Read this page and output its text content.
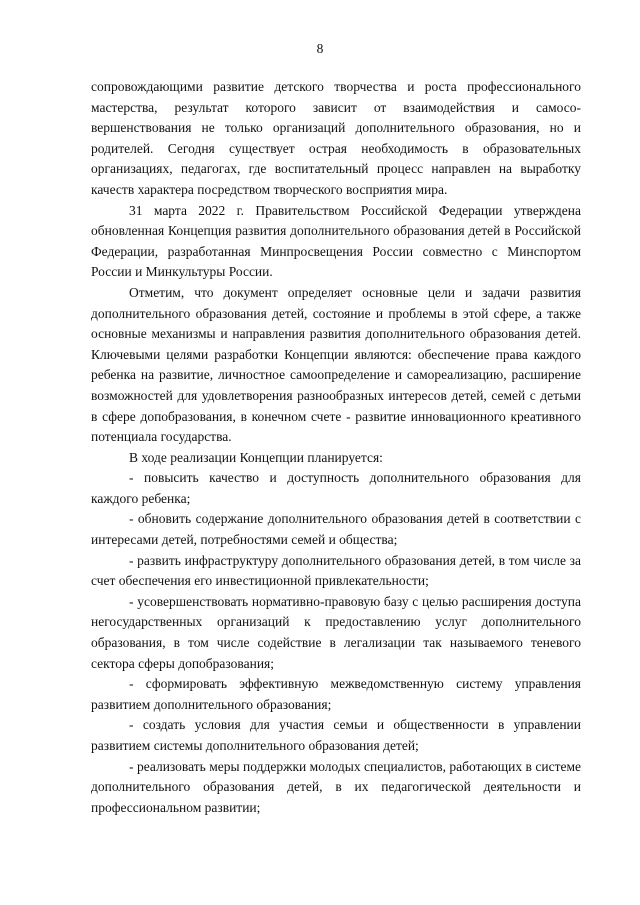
8

сопровождающими развитие детского творчества и роста профессионального мастерства, результат которого зависит от взаимодействия и самосовершенствования не только организаций дополнительного образования, но и родителей. Сегодня существует острая необходимость в образовательных организациях, педагогах, где воспитательный процесс направлен на выработку качеств характера посредством творческого восприятия мира.

31 марта 2022 г. Правительством Российской Федерации утверждена обновленная Концепция развития дополнительного образования детей в Российской Федерации, разработанная Минпросвещения России совместно с Минспортом России и Минкультуры России.

Отметим, что документ определяет основные цели и задачи развития дополнительного образования детей, состояние и проблемы в этой сфере, а также основные механизмы и направления развития дополнительного образования детей. Ключевыми целями разработки Концепции являются: обеспечение права каждого ребенка на развитие, личностное самоопределение и самореализацию, расширение возможностей для удовлетворения разнообразных интересов детей, семей с детьми в сфере допобразования, в конечном счете - развитие инновационного креативного потенциала государства.

В ходе реализации Концепции планируется:

- повысить качество и доступность дополнительного образования для каждого ребенка;

- обновить содержание дополнительного образования детей в соответствии с интересами детей, потребностями семей и общества;

- развить инфраструктуру дополнительного образования детей, в том числе за счет обеспечения его инвестиционной привлекательности;

- усовершенствовать нормативно-правовую базу с целью расширения доступа негосударственных организаций к предоставлению услуг дополнительного образования, в том числе содействие в легализации так называемого теневого сектора сферы допобразования;

- сформировать эффективную межведомственную систему управления развитием дополнительного образования;

- создать условия для участия семьи и общественности в управлении развитием системы дополнительного образования детей;

- реализовать меры поддержки молодых специалистов, работающих в системе дополнительного образования детей, в их педагогической деятельности и профессиональном развитии;
